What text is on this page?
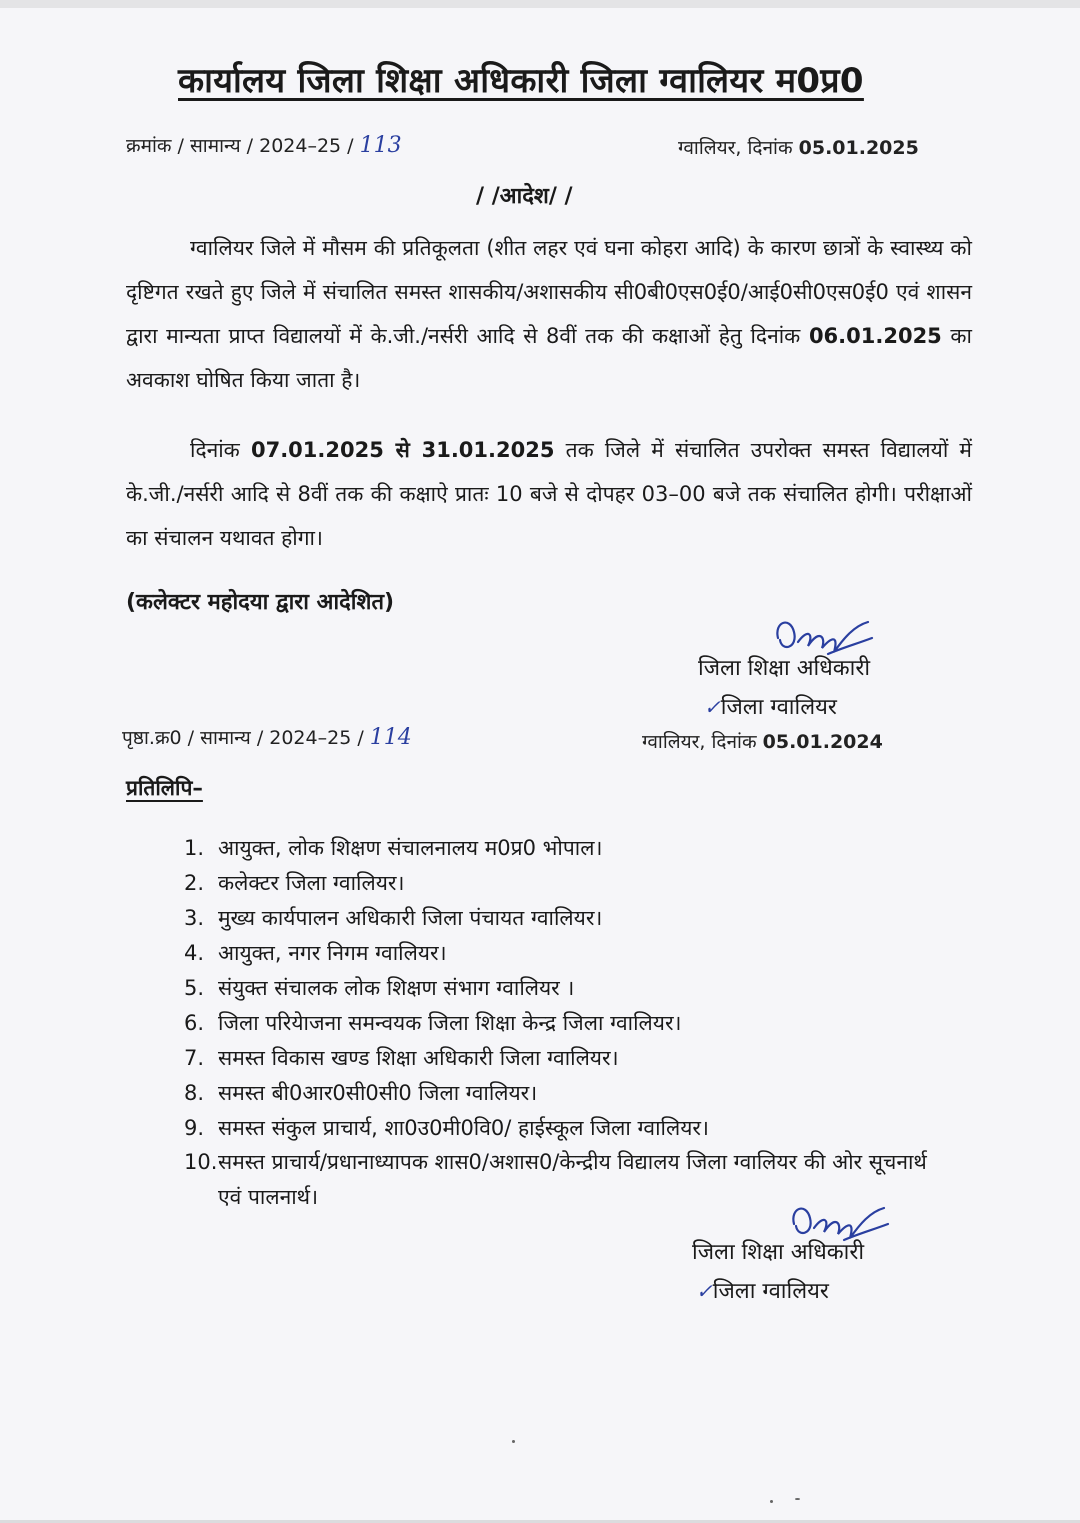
कार्यालय जिला शिक्षा अधिकारी जिला ग्वालियर म0प्र0
क्रमांक / सामान्य / 2024–25 / 113	ग्वालियर, दिनांक 05.01.2025
/ /आदेश/ /

ग्वालियर जिले में मौसम की प्रतिकूलता (शीत लहर एवं घना कोहरा आदि) के कारण छात्रों के स्वास्थ्य को दृष्टिगत रखते हुए जिले में संचालित समस्त शासकीय/अशासकीय सी0बी0एस0ई0/आई0सी0एस0ई0 एवं शासन द्वारा मान्यता प्राप्त विद्यालयों में के.जी./नर्सरी आदि से 8वीं तक की कक्षाओं हेतु दिनांक 06.01.2025 का अवकाश घोषित किया जाता है।

दिनांक 07.01.2025 से 31.01.2025 तक जिले में संचालित उपरोक्त समस्त विद्यालयों में के.जी./नर्सरी आदि से 8वीं तक की कक्षाऐ प्रातः 10 बजे से दोपहर 03–00 बजे तक संचालित होगी। परीक्षाओं का संचालन यथावत होगा।

(कलेक्टर महोदया द्वारा आदेशित)
जिला शिक्षा अधिकारी
✓जिला ग्वालियर
पृष्ठा.क्र0 / सामान्य / 2024–25 / 114	ग्वालियर, दिनांक 05.01.2024
प्रतिलिपि–
1. आयुक्त, लोक शिक्षण संचालनालय म0प्र0 भोपाल।
2. कलेक्टर जिला ग्वालियर।
3. मुख्य कार्यपालन अधिकारी जिला पंचायत ग्वालियर।
4. आयुक्त, नगर निगम ग्वालियर।
5. संयुक्त संचालक लोक शिक्षण संभाग ग्वालियर ।
6. जिला परियेाजना समन्वयक जिला शिक्षा केन्द्र जिला ग्वालियर।
7. समस्त विकास खण्ड शिक्षा अधिकारी जिला ग्वालियर।
8. समस्त बी0आर0सी0सी0 जिला ग्वालियर।
9. समस्त संकुल प्राचार्य, शा0उ0मी0वि0/ हाईस्कूल जिला ग्वालियर।
10. समस्त प्राचार्य/प्रधानाध्यापक शास0/अशास0/केन्द्रीय विद्यालय जिला ग्वालियर की ओर सूचनार्थ एवं पालनार्थ।
जिला शिक्षा अधिकारी
✓जिला ग्वालियर
